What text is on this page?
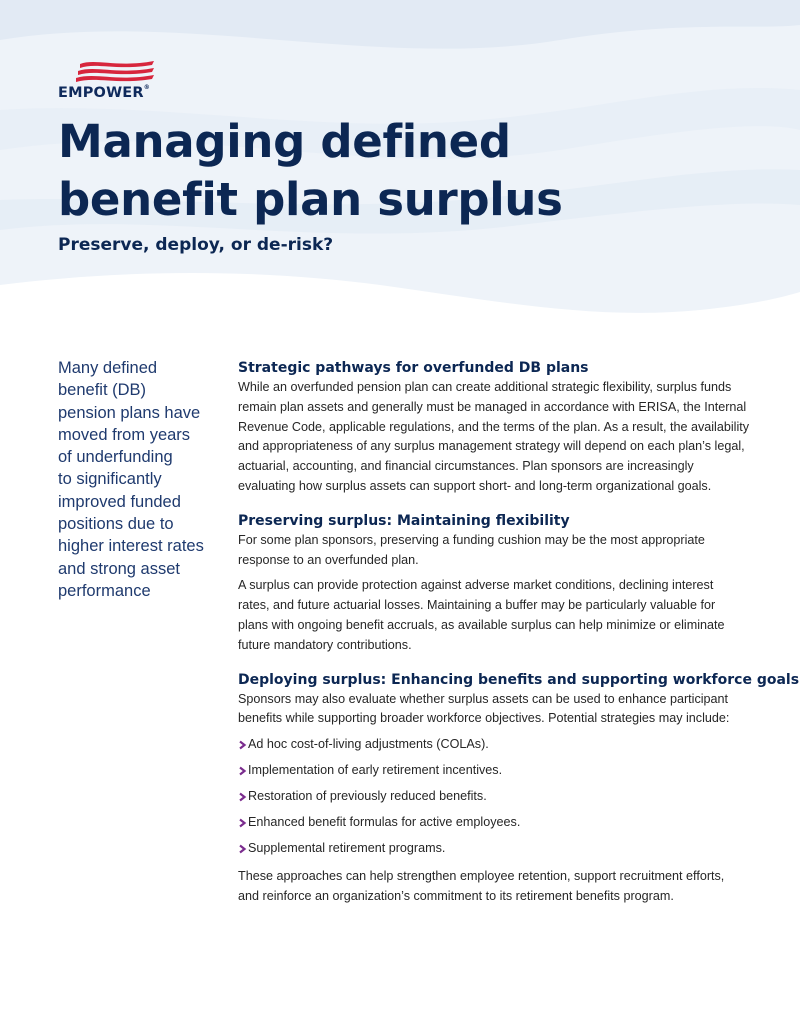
EMPOWER®
Managing defined
benefit plan surplus
Preserve, deploy, or de-risk?
Many defined
benefit (DB)
pension plans have
moved from years
of underfunding
to significantly
improved funded
positions due to
higher interest rates
and strong asset
performance
Strategic pathways for overfunded DB plans
While an overfunded pension plan can create additional strategic flexibility, surplus funds
remain plan assets and generally must be managed in accordance with ERISA, the Internal
Revenue Code, applicable regulations, and the terms of the plan. As a result, the availability
and appropriateness of any surplus management strategy will depend on each plan’s legal,
actuarial, accounting, and financial circumstances. Plan sponsors are increasingly
evaluating how surplus assets can support short- and long-term organizational goals.
Preserving surplus: Maintaining flexibility
For some plan sponsors, preserving a funding cushion may be the most appropriate
response to an overfunded plan.
A surplus can provide protection against adverse market conditions, declining interest
rates, and future actuarial losses. Maintaining a buffer may be particularly valuable for
plans with ongoing benefit accruals, as available surplus can help minimize or eliminate
future mandatory contributions.
Deploying surplus: Enhancing benefits and supporting workforce goals
Sponsors may also evaluate whether surplus assets can be used to enhance participant
benefits while supporting broader workforce objectives. Potential strategies may include:
Ad hoc cost-of-living adjustments (COLAs).
Implementation of early retirement incentives.
Restoration of previously reduced benefits.
Enhanced benefit formulas for active employees.
Supplemental retirement programs.
These approaches can help strengthen employee retention, support recruitment efforts,
and reinforce an organization’s commitment to its retirement benefits program.
